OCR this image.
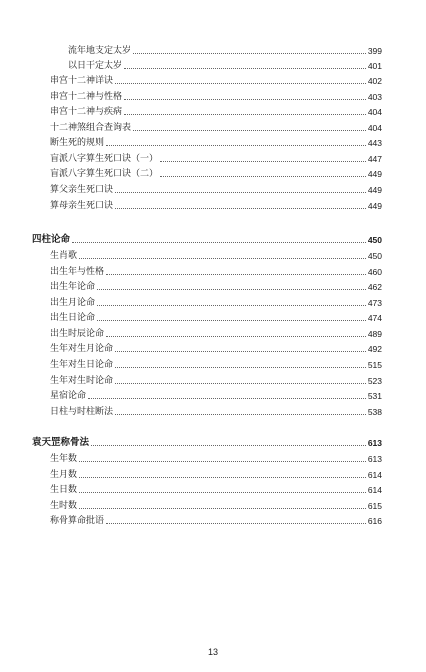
流年地支定太岁	399
以日干定太岁	401
串宫十二神详诀	402
串宫十二神与性格	403
串宫十二神与疾病	404
十二神煞组合查询表	404
断生死的规则	443
盲派八字算生死口诀（一）	447
盲派八字算生死口诀（二）	449
算父亲生死口诀	449
算母亲生死口诀	449
四柱论命	450
生肖歌	450
出生年与性格	460
出生年论命	462
出生月论命	473
出生日论命	474
出生时辰论命	489
生年对生月论命	492
生年对生日论命	515
生年对生时论命	523
星宿论命	531
日柱与时柱断法	538
袁天罡称骨法	613
生年数	613
生月数	614
生日数	614
生时数	615
称骨算命批语	616
13
